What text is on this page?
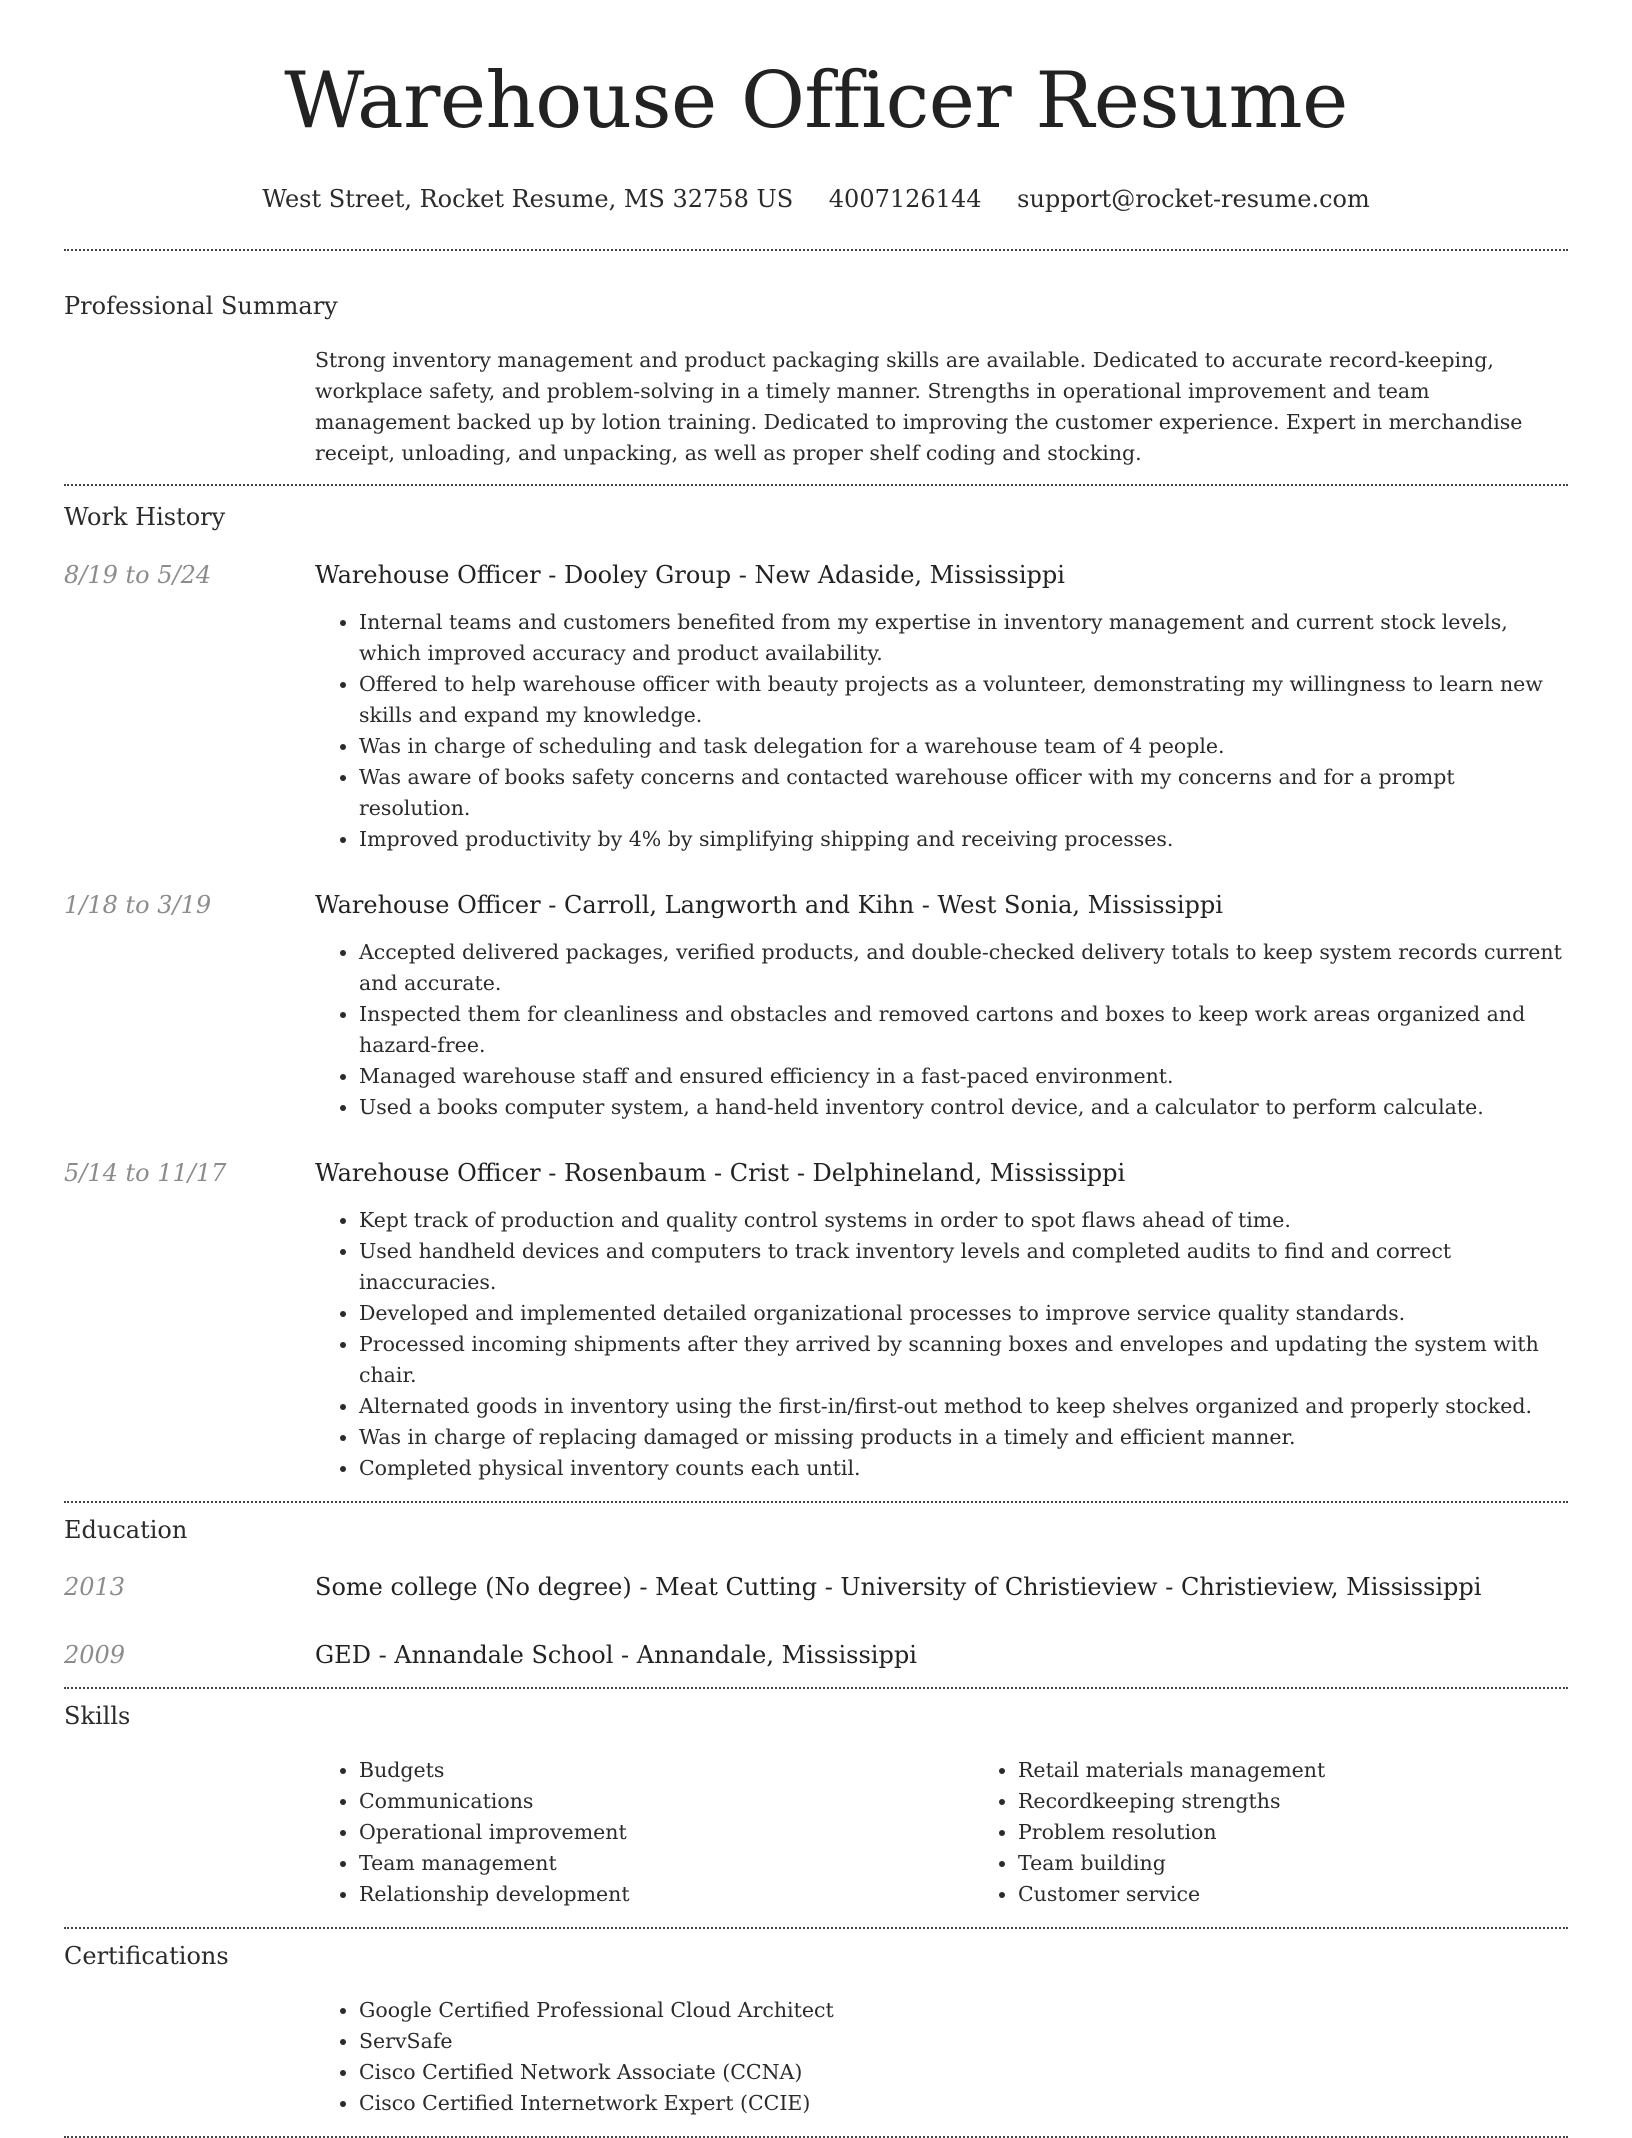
Warehouse Officer Resume
West Street, Rocket Resume, MS 32758 US 4007126144 support@rocket-resume.com
Professional Summary

Strong inventory management and product packaging skills are available. Dedicated to accurate record-keeping, workplace safety, and problem-solving in a timely manner. Strengths in operational improvement and team management backed up by lotion training. Dedicated to improving the customer experience. Expert in merchandise receipt, unloading, and unpacking, as well as proper shelf coding and stocking.

Work History
8/19 to 5/24	Warehouse Officer - Dooley Group - New Adaside, Mississippi
• Internal teams and customers benefited from my expertise in inventory management and current stock levels, which improved accuracy and product availability.
• Offered to help warehouse officer with beauty projects as a volunteer, demonstrating my willingness to learn new skills and expand my knowledge.
• Was in charge of scheduling and task delegation for a warehouse team of 4 people.
• Was aware of books safety concerns and contacted warehouse officer with my concerns and for a prompt resolution.
• Improved productivity by 4% by simplifying shipping and receiving processes.
1/18 to 3/19	Warehouse Officer - Carroll, Langworth and Kihn - West Sonia, Mississippi
• Accepted delivered packages, verified products, and double-checked delivery totals to keep system records current and accurate.
• Inspected them for cleanliness and obstacles and removed cartons and boxes to keep work areas organized and hazard-free.
• Managed warehouse staff and ensured efficiency in a fast-paced environment.
• Used a books computer system, a hand-held inventory control device, and a calculator to perform calculate.
5/14 to 11/17	Warehouse Officer - Rosenbaum - Crist - Delphineland, Mississippi
• Kept track of production and quality control systems in order to spot flaws ahead of time.
• Used handheld devices and computers to track inventory levels and completed audits to find and correct inaccuracies.
• Developed and implemented detailed organizational processes to improve service quality standards.
• Processed incoming shipments after they arrived by scanning boxes and envelopes and updating the system with chair.
• Alternated goods in inventory using the first-in/first-out method to keep shelves organized and properly stocked.
• Was in charge of replacing damaged or missing products in a timely and efficient manner.
• Completed physical inventory counts each until.
Education
2013	Some college (No degree) - Meat Cutting - University of Christieview - Christieview, Mississippi
2009	GED - Annandale School - Annandale, Mississippi
Skills
• Budgets
• Communications
• Operational improvement
• Team management
• Relationship development
• Retail materials management
• Recordkeeping strengths
• Problem resolution
• Team building
• Customer service
Certifications
• Google Certified Professional Cloud Architect
• ServSafe
• Cisco Certified Network Associate (CCNA)
• Cisco Certified Internetwork Expert (CCIE)
